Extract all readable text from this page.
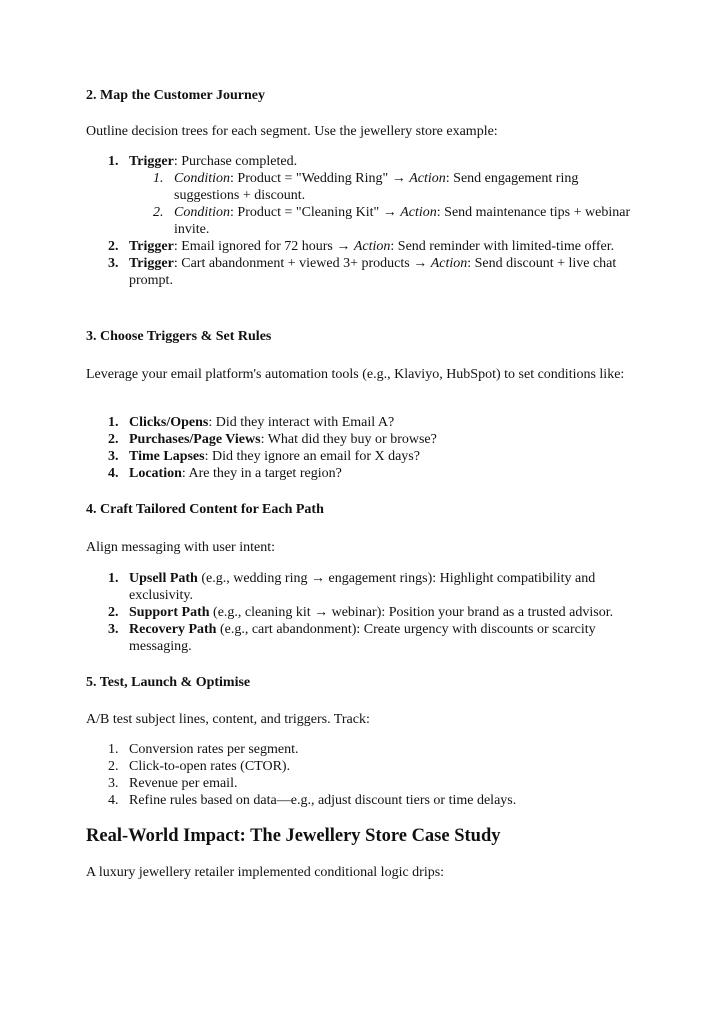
2. Map the Customer Journey
Outline decision trees for each segment. Use the jewellery store example:
1. Trigger: Purchase completed.
1. Condition: Product = "Wedding Ring" → Action: Send engagement ring suggestions + discount.
2. Condition: Product = "Cleaning Kit" → Action: Send maintenance tips + webinar invite.
2. Trigger: Email ignored for 72 hours → Action: Send reminder with limited-time offer.
3. Trigger: Cart abandonment + viewed 3+ products → Action: Send discount + live chat prompt.
3. Choose Triggers & Set Rules
Leverage your email platform's automation tools (e.g., Klaviyo, HubSpot) to set conditions like:
1. Clicks/Opens: Did they interact with Email A?
2. Purchases/Page Views: What did they buy or browse?
3. Time Lapses: Did they ignore an email for X days?
4. Location: Are they in a target region?
4. Craft Tailored Content for Each Path
Align messaging with user intent:
1. Upsell Path (e.g., wedding ring → engagement rings): Highlight compatibility and exclusivity.
2. Support Path (e.g., cleaning kit → webinar): Position your brand as a trusted advisor.
3. Recovery Path (e.g., cart abandonment): Create urgency with discounts or scarcity messaging.
5. Test, Launch & Optimise
A/B test subject lines, content, and triggers. Track:
1. Conversion rates per segment.
2. Click-to-open rates (CTOR).
3. Revenue per email.
4. Refine rules based on data—e.g., adjust discount tiers or time delays.
Real-World Impact: The Jewellery Store Case Study
A luxury jewellery retailer implemented conditional logic drips:
